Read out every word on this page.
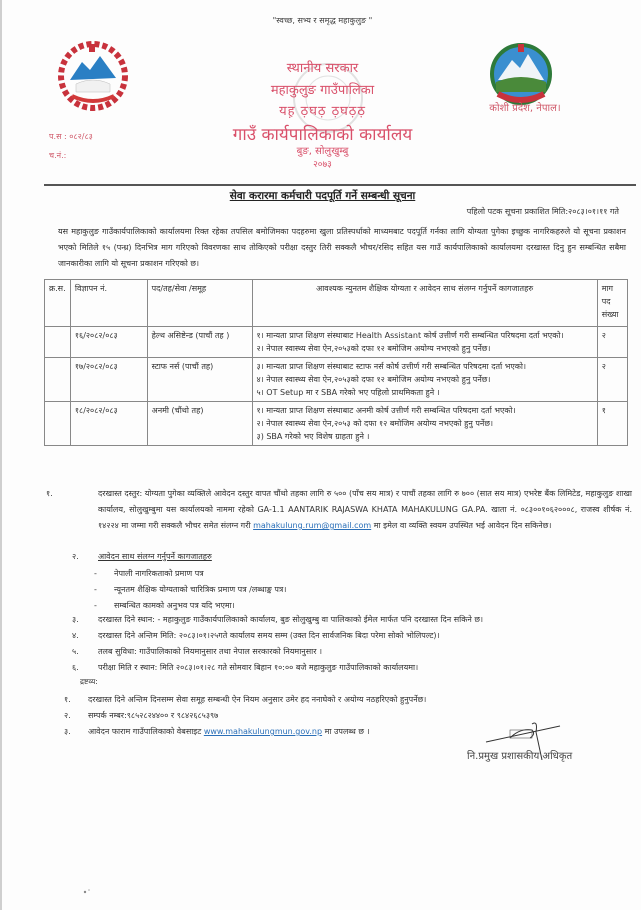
"स्वच्छ, सभ्य र समृद्ध महाकुलुङ "
स्थानीय सरकार
महाकुलुङ गाउँपालिका
यह़ ठ़घठ़ ठ़घठ़ठ़
गाउँ कार्यपालिकाको कार्यालय
बुङ, सोलुखुम्बु
२०७३
कोशी प्रदेश, नेपाल।
प.स : ०८२/८३
च.नं.:
सेवा करारमा कर्मचारी पदपूर्ति गर्ने सम्बन्धी सूचना
पहिलो पटक सूचना प्रकाशित मिति:२०८३।०१।११ गते
यस महाकुलुङ गाउँकार्यपालिकाको कार्यालयमा रिक्त रहेका तपसिल बमोजिमका पदहरुमा खुला प्रतिस्पर्धाको माध्यमबाट पदपूर्ति गर्नका लागि योग्यता पुगेका इच्छुक नागरिकहरुले यो सूचना प्रकाशन भएको मितिले १५ (पन्ध्र) दिनभित्र माग गरिएको विवरणका साथ तोकिएको परीक्षा दस्तुर तिरी सक्कलै भौचर/रसिद सहित यस गाउँ कार्यपालिकाको कार्यालयमा दरखास्त दिनु हुन सम्बन्धित सबैमा जानकारीका लागि यो सूचना प्रकाशन गरिएको छ।
क्र.स.	विज्ञापन नं.	पद/तह/सेवा /समूह	आवश्यक न्युनतम शैक्षिक योग्यता र आवेदन साथ संलग्न गर्नुपर्ने कागजातहरु	माग पद संख्या
	१६/२०८२/०८३	हेल्थ असिष्टेन्ड (पाचौं तह )	१। मान्यता प्राप्त शिक्षण संस्थाबाट Health Assistant कोर्ष उत्तीर्ण गरी सम्बन्धित परिषदमा दर्ता भएको।
२। नेपाल स्वास्थ्य सेवा ऐन,२०५३को दफा १२ बमोजिम अयोग्य नभएको हुनु पर्नेछ।	२
	१७/२०८२/०८३	स्टाफ नर्स (पाचौं तह)	३। मान्यता प्राप्त शिक्षण संस्थाबाट स्टाफ नर्स कोर्ष उत्तीर्ण गरी सम्बन्धित परिषदमा दर्ता भएको।
४। नेपाल स्वास्थ्य सेवा ऐन,२०५३को दफा १२ बमोजिम अयोग्य नभएको हुनु पर्नेछ।
५। OT Setup मा र SBA गरेको भए पहिलो प्राथमिकता हुने ।	२
	१८/२०८२/०८३	अनमी (चौंथो तह)	१। मान्यता प्राप्त शिक्षण संस्थाबाट अनमी कोर्ष उत्तीर्ण गरी सम्बन्धित परिषदमा दर्ता भएको।
२। नेपाल स्वास्थ्य सेवा ऐन,२०५३ को दफा १२ बमोजिम अयोग्य नभएको हुनु पर्नेछ।
३) SBA गरेको भए विशेष ग्राहता हुने ।	१
१.	दरखास्त दस्तुर: योग्यता पुगेका व्यक्तिले आवेदन दस्तुर वापत चौंथो तहका लागि रु ५०० (पाँच सय मात्र) र पाचौं तहका लागि रु ७०० (सात सय मात्र) एभरेष्ट बैंक लिमिटेड, महाकुलुङ शाखा कार्यालय, सोलुखुम्बुमा यस कार्यालयको नाममा रहेको GA-1.1 AANTARIK RAJASWA KHATA MAHAKULUNG GA.PA. खाता नं. ०८३००१०६२०००८, राजस्व शीर्षक नं. १४२२४ मा जम्मा गरी सक्कलै भौचर समेत संलग्न गरी mahakulung.rum@gmail.com मा इमेल वा व्यक्ति स्वयम उपस्थित भई आवेदन दिन सकिनेछ।
२. आवेदन साथ संलग्न गर्नुपर्ने कागजातहरु
- नेपाली नागरिकताको प्रमाण पत्र
- न्यूनतम शैक्षिक योग्यताको चारित्रिक प्रमाण पत्र /लब्धाङ्क पत्र।
- सम्बन्धित कामको अनुभव पत्र यदि भएमा।
३. दरखास्त दिने स्थान: - महाकुलुङ गाउँकार्यपालिकाको कार्यालय, बुङ सोलुखुम्बु वा पालिकाको ईमेल मार्फत पनि दरखास्त दिन सकिने छ।
४. दरखास्त दिने अन्तिम मिति: २०८३।०१।२५गते कार्यालय समय सम्म (उक्त दिन सार्वजनिक बिदा परेमा सोको भोलिपल्ट)।
५. तलब सुविधा: गाउँपालिकाको नियमानुसार तथा नेपाल सरकारको नियमानुसार ।
६. परीक्षा मिति र स्थान: मिति २०८३।०१।२८ गते सोमवार बिहान १०:०० बजे महाकुलुङ गाउँपालिकाको कार्यालयमा।
द्रष्टव्य:
१. दरखास्त दिने अन्तिम दिनसम्म सेवा समूह सम्बन्धी ऐन नियम अनुसार उमेर हद ननाघेको र अयोग्य नठहरिएको हुनुपर्नेछ।
२. सम्पर्क नम्बर:९८५२८२४४०० र ९८४२६८५३९७
३. आवेदन फाराम गाउँपालिकाको वेबसाइट www.mahakulungmun.gov.np मा उपलब्ध छ ।
नि.प्रमुख प्रशासकीय अधिकृत
